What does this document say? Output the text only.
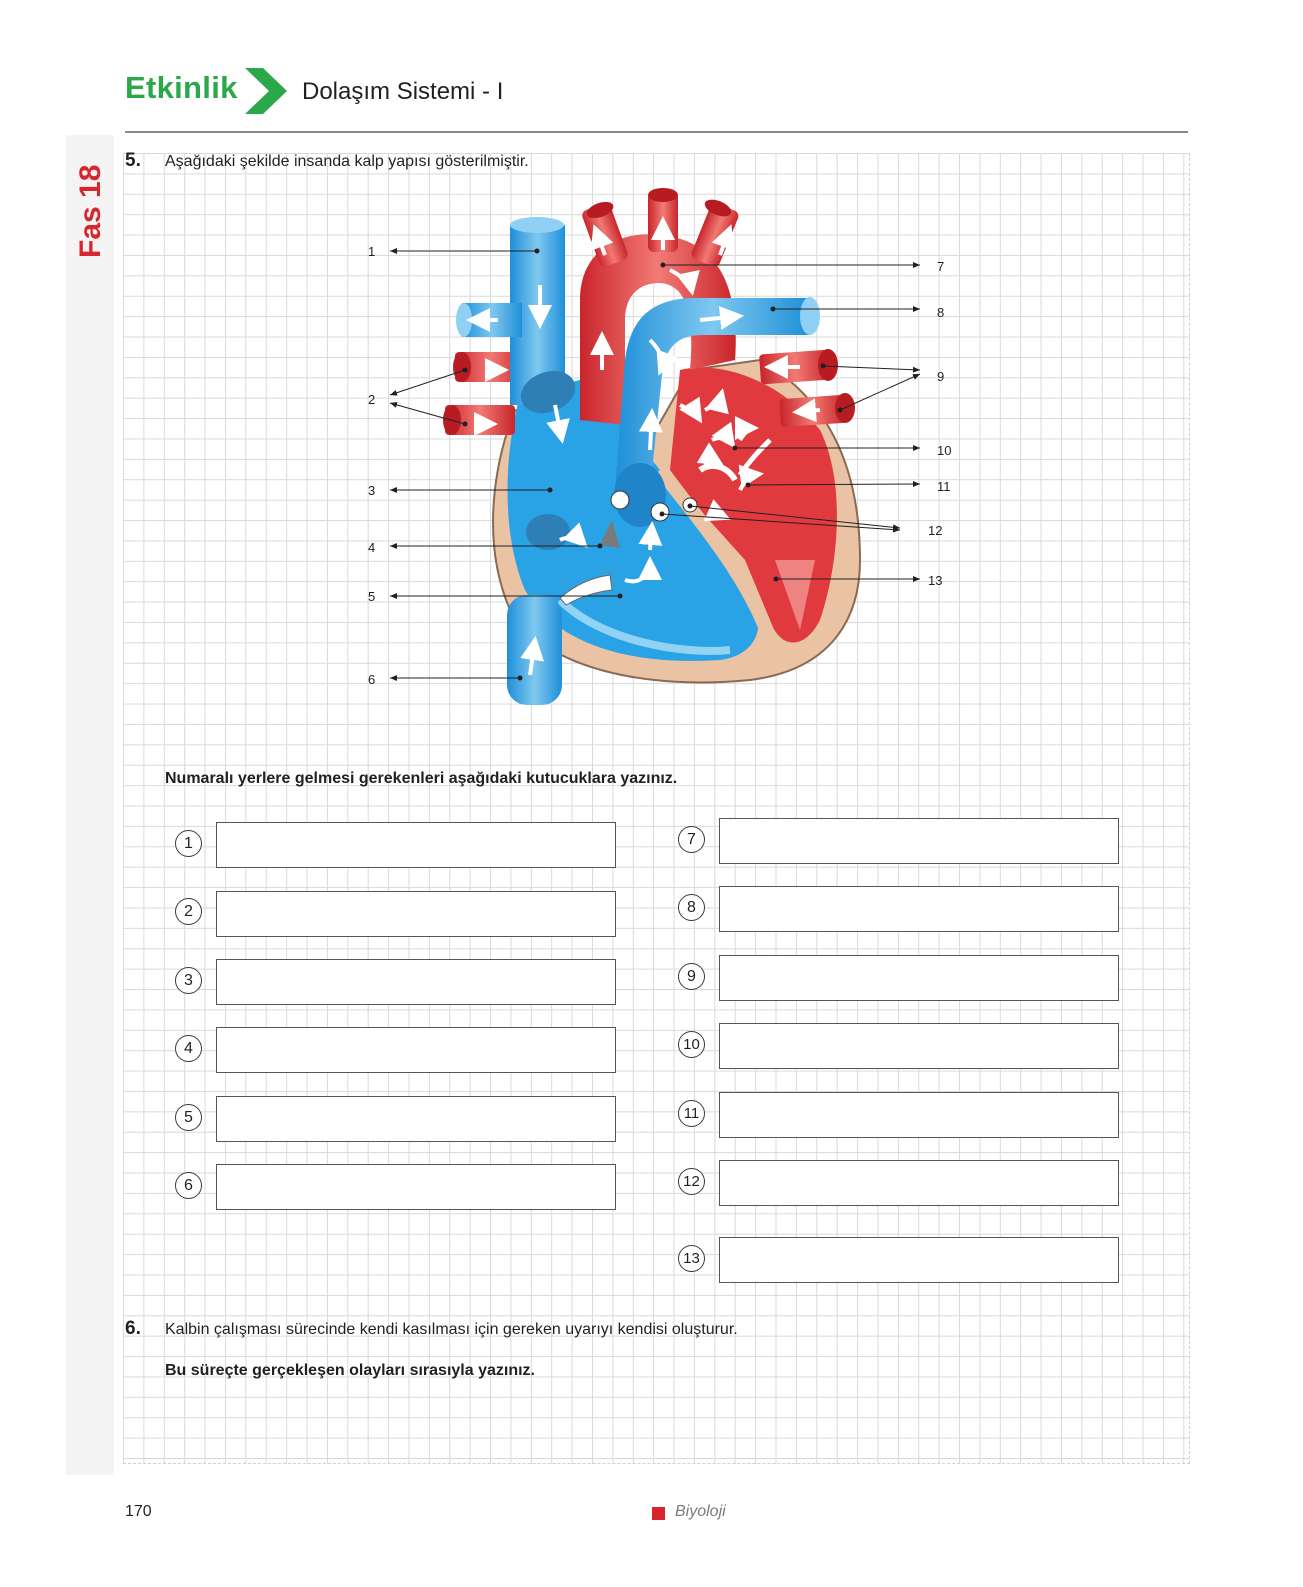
Fas 18
Etkinlik	Dolaşım Sistemi - I
5. Aşağıdaki şekilde insanda kalp yapısı gösterilmiştir.
1
2
3
4
5
6
7
8
9
10
11
12
13
Numaralı yerlere gelmesi gerekenleri aşağıdaki kutucuklara yazınız.
1
2
3
4
5
6
7
8
9
10
11
12
13
6. Kalbin çalışması sürecinde kendi kasılması için gereken uyarıyı kendisi oluşturur.
Bu süreçte gerçekleşen olayları sırasıyla yazınız.
170	Biyoloji
